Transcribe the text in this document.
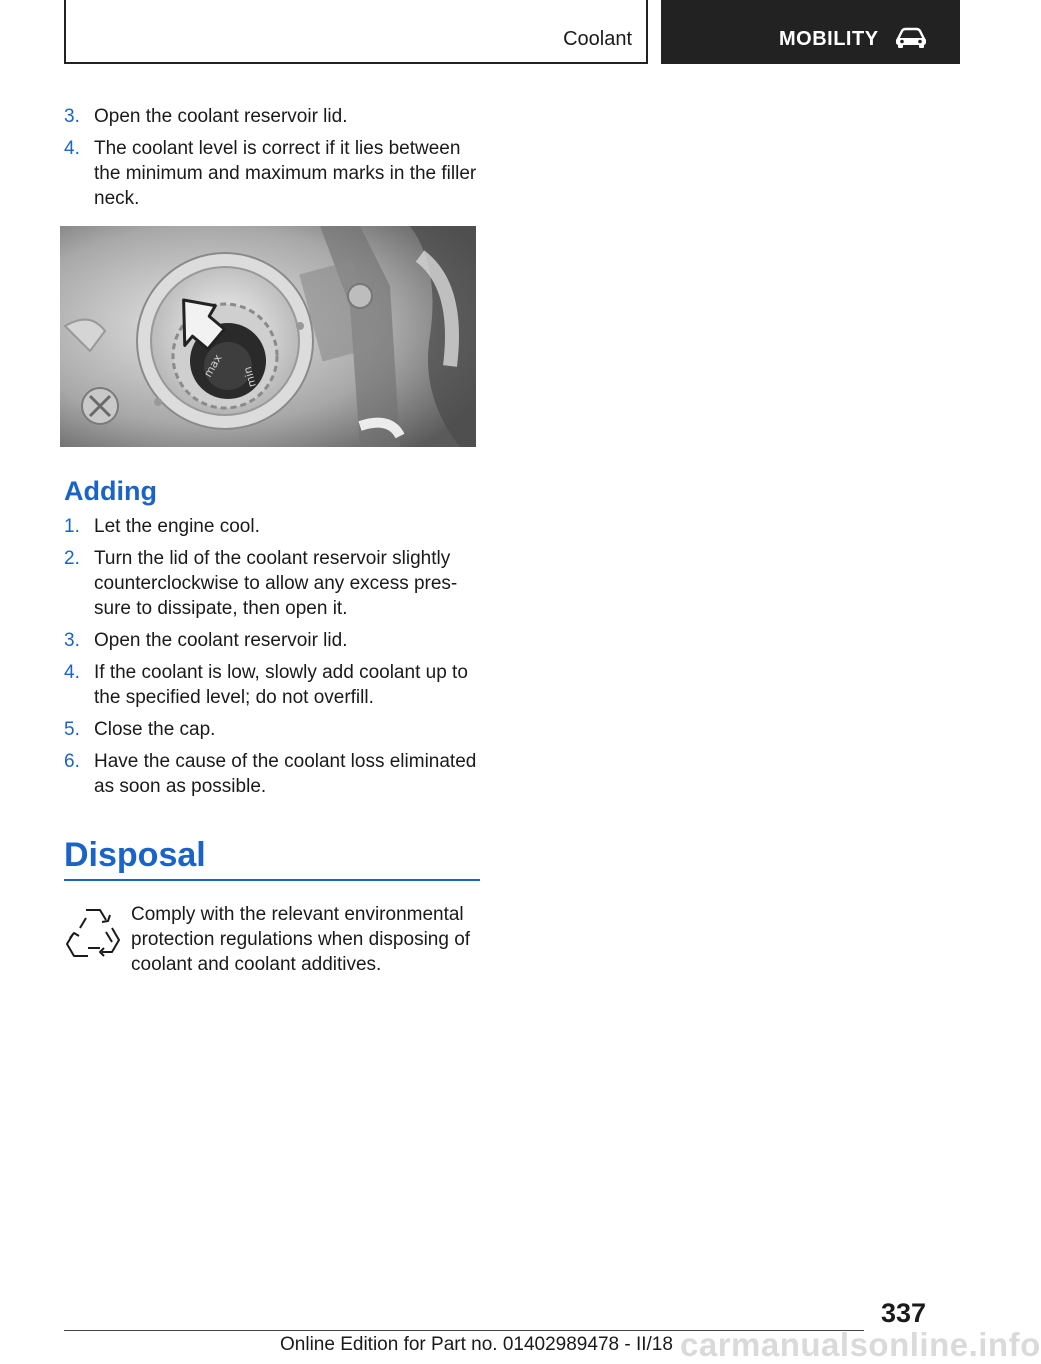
Coolant	MOBILITY
3. Open the coolant reservoir lid.
4. The coolant level is correct if it lies between the minimum and maximum marks in the filler neck.
max min
Adding
1. Let the engine cool.
2. Turn the lid of the coolant reservoir slightly counterclockwise to allow any excess pres‐ sure to dissipate, then open it.
3. Open the coolant reservoir lid.
4. If the coolant is low, slowly add coolant up to the specified level; do not overfill.
5. Close the cap.
6. Have the cause of the coolant loss eliminated as soon as possible.
Disposal
Comply with the relevant environmental protection regulations when disposing of coolant and coolant additives.
337
Online Edition for Part no. 01402989478 - II/18 carmanualsonline.info
